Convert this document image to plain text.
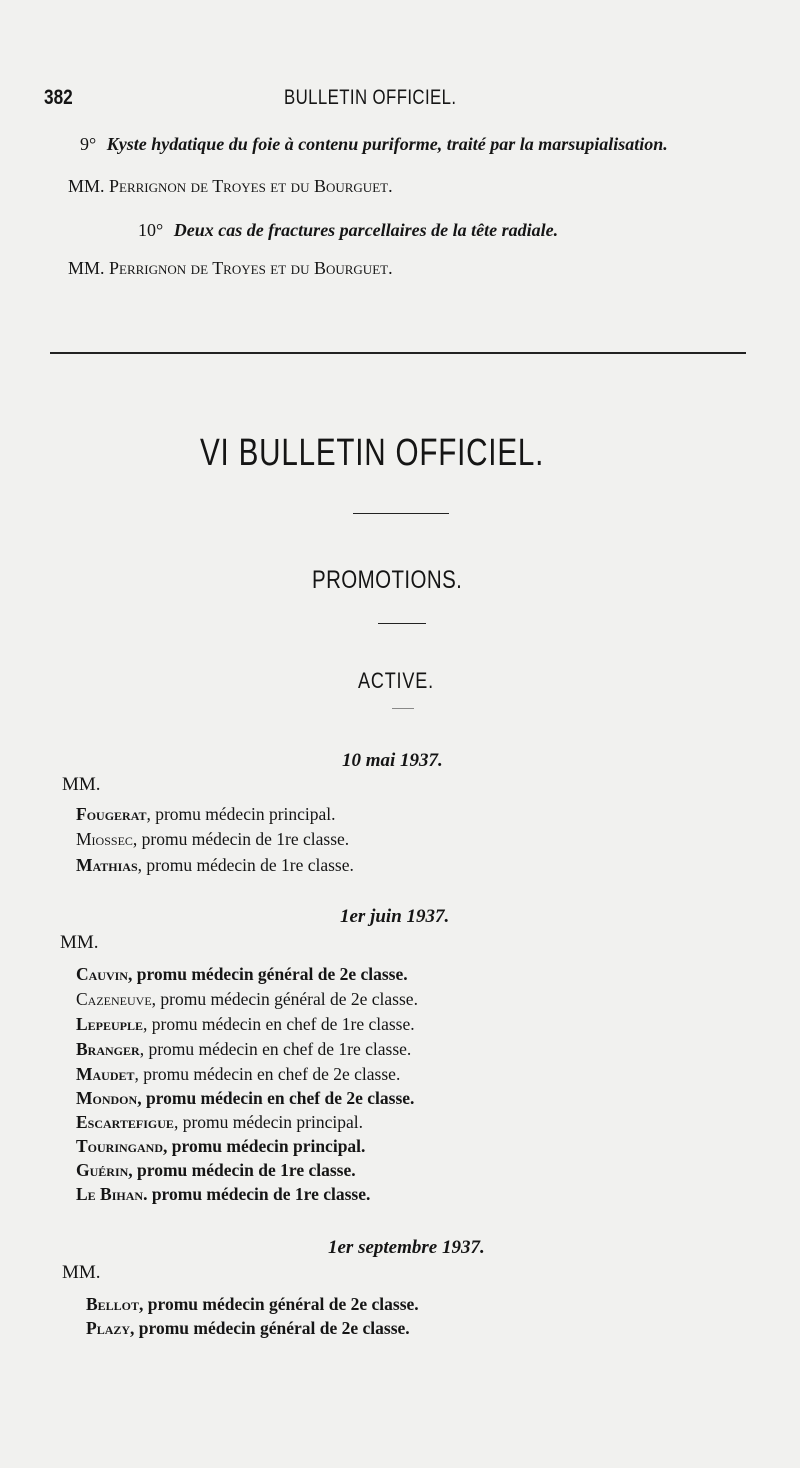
382	BULLETIN OFFICIEL.
9° Kyste hydatique du foie à contenu puriforme, traité par la marsupialisation.
MM. Perrignon de Troyes et du Bourguet.
10° Deux cas de fractures parcellaires de la tête radiale.
MM. Perrignon de Troyes et du Bourguet.
VI BULLETIN OFFICIEL.
PROMOTIONS.
ACTIVE.
10 mai 1937.
MM.
Fougerat, promu médecin principal.
Miossec, promu médecin de 1re classe.
Mathias, promu médecin de 1re classe.
1er juin 1937.
MM.
Cauvin, promu médecin général de 2e classe.
Cazeneuve, promu médecin général de 2e classe.
Lepeuple, promu médecin en chef de 1re classe.
Branger, promu médecin en chef de 1re classe.
Maudet, promu médecin en chef de 2e classe.
Mondon, promu médecin en chef de 2e classe.
Escartefigue, promu médecin principal.
Touringand, promu médecin principal.
Guérin, promu médecin de 1re classe.
Le Bihan. promu médecin de 1re classe.
1er septembre 1937.
MM.
Bellot, promu médecin général de 2e classe.
Plazy, promu médecin général de 2e classe.
